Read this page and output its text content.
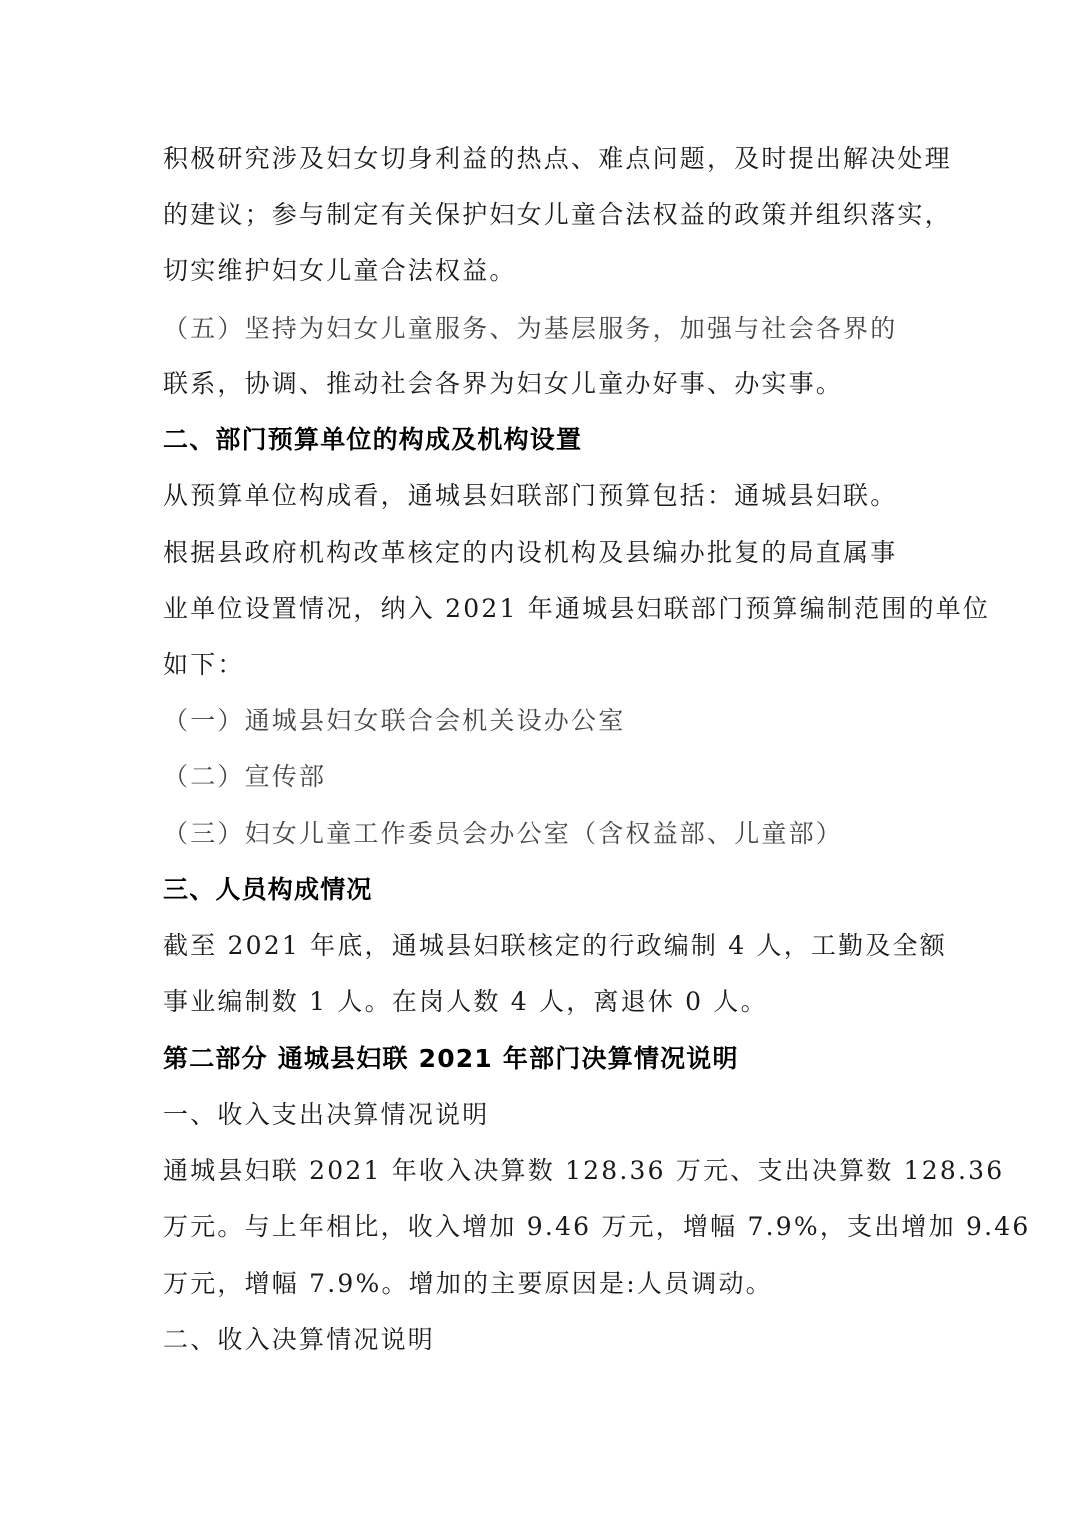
积极研究涉及妇女切身利益的热点、难点问题，及时提出解决处理
的建议；参与制定有关保护妇女儿童合法权益的政策并组织落实，
切实维护妇女儿童合法权益。
（五）坚持为妇女儿童服务、为基层服务，加强与社会各界的
联系，协调、推动社会各界为妇女儿童办好事、办实事。
二、部门预算单位的构成及机构设置
从预算单位构成看，通城县妇联部门预算包括：通城县妇联。
根据县政府机构改革核定的内设机构及县编办批复的局直属事
业单位设置情况，纳入 2021 年通城县妇联部门预算编制范围的单位
如下：
（一）通城县妇女联合会机关设办公室
（二）宣传部
（三）妇女儿童工作委员会办公室（含权益部、儿童部）
三、人员构成情况
截至 2021 年底，通城县妇联核定的行政编制 4 人，工勤及全额
事业编制数 1 人。在岗人数 4 人，离退休 0 人。
第二部分 通城县妇联 2021 年部门决算情况说明
一、收入支出决算情况说明
通城县妇联 2021 年收入决算数 128.36 万元、支出决算数 128.36
万元。与上年相比，收入增加 9.46 万元，增幅 7.9%，支出增加 9.46
万元，增幅 7.9%。增加的主要原因是:人员调动。
二、收入决算情况说明
